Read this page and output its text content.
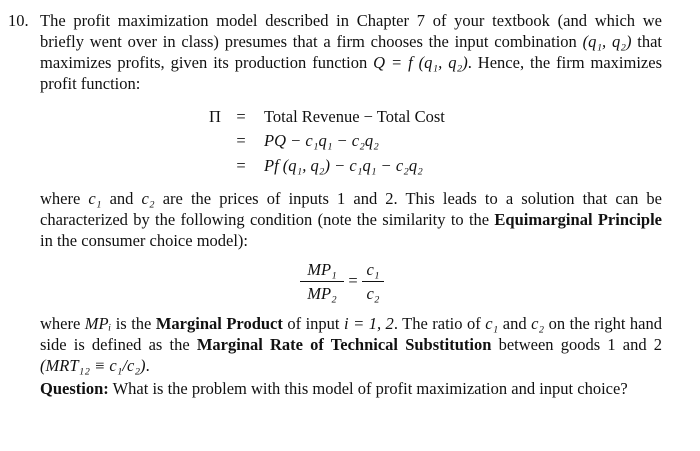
10. The profit maximization model described in Chapter 7 of your textbook (and which we briefly went over in class) presumes that a firm chooses the input combination (q₁, q₂) that maximizes profits, given its production function Q = f (q₁, q₂). Hence, the firm maximizes profit function:

Π = Total Revenue − Total Cost
= PQ − c₁q₁ − c₂q₂
= Pf (q₁, q₂) − c₁q₁ − c₂q₂

where c₁ and c₂ are the prices of inputs 1 and 2. This leads to a solution that can be characterized by the following condition (note the similarity to the Equimarginal Principle in the consumer choice model):

MP₁
MP₂
=
c₁
c₂

where MPᵢ is the Marginal Product of input i = 1, 2. The ratio of c₁ and c₂ on the right hand side is defined as the Marginal Rate of Technical Substitution between goods 1 and 2 (MRT₁₂ ≡ c₁/c₂).

Question: What is the problem with this model of profit maximization and input choice?
